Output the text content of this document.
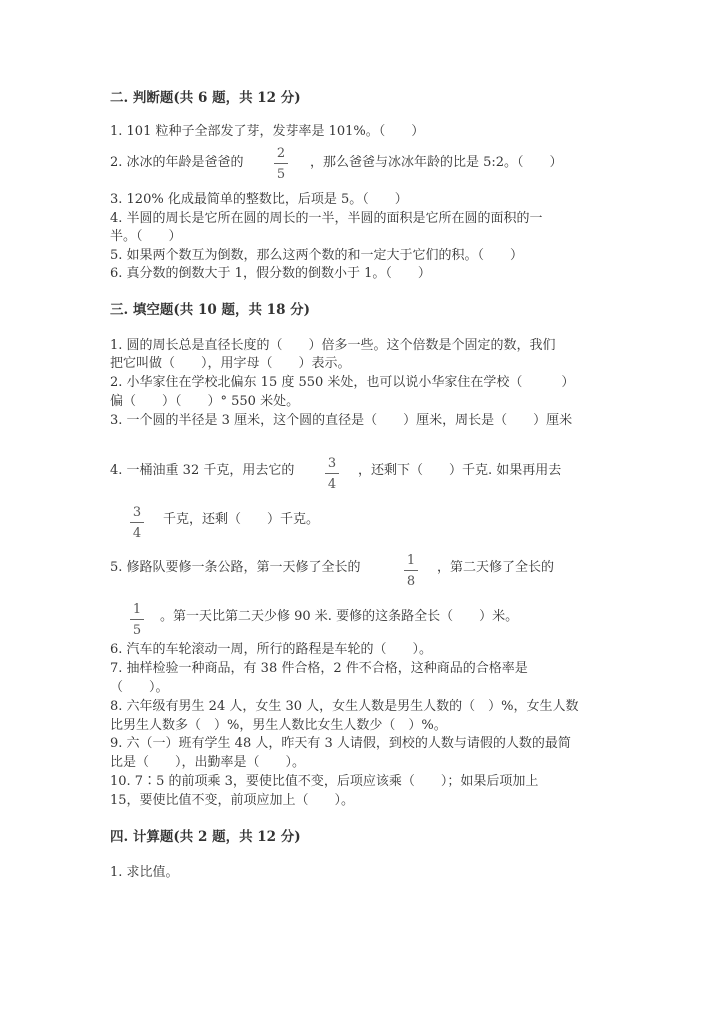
二. 判断题(共 6 题，共 12 分)
1. 101 粒种子全部发了芽，发芽率是 101%。（　　）
2. 冰冰的年龄是爸爸的
2
5
，那么爸爸与冰冰年龄的比是 5:2。（　　）
3. 120% 化成最简单的整数比，后项是 5。（　　）
4. 半圆的周长是它所在圆的周长的一半，半圆的面积是它所在圆的面积的一
半。（　　）
5. 如果两个数互为倒数，那么这两个数的和一定大于它们的积。（　　）
6. 真分数的倒数大于 1，假分数的倒数小于 1。（　　）
三. 填空题(共 10 题，共 18 分)
1. 圆的周长总是直径长度的（　　）倍多一些。这个倍数是个固定的数，我们
把它叫做（　　），用字母（　　）表示。
2. 小华家住在学校北偏东 15 度 550 米处，也可以说小华家住在学校（　　　）
偏（　　）（　　）° 550 米处。
3. 一个圆的半径是 3 厘米，这个圆的直径是（　　）厘米，周长是（　　）厘米
4. 一桶油重 32 千克，用去它的	3
4
，还剩下（　　）千克. 如果再用去
3
4
千克，还剩（　　）千克。
5. 修路队要修一条公路，第一天修了全长的	1
8
，第二天修了全长的
1
5
。第一天比第二天少修 90 米. 要修的这条路全长（　　）米。
6. 汽车的车轮滚动一周，所行的路程是车轮的（　　）。
7. 抽样检验一种商品，有 38 件合格，2 件不合格，这种商品的合格率是
（　　）。
8. 六年级有男生 24 人，女生 30 人，女生人数是男生人数的（　）%，女生人数
比男生人数多（　）%，男生人数比女生人数少（　）%。
9. 六（一）班有学生 48 人，昨天有 3 人请假，到校的人数与请假的人数的最简
比是（　　），出勤率是（　　）。
10. 7∶5 的前项乘 3，要使比值不变，后项应该乘（　　）；如果后项加上
15，要使比值不变，前项应加上（　　）。
四. 计算题(共 2 题，共 12 分)
1. 求比值。
